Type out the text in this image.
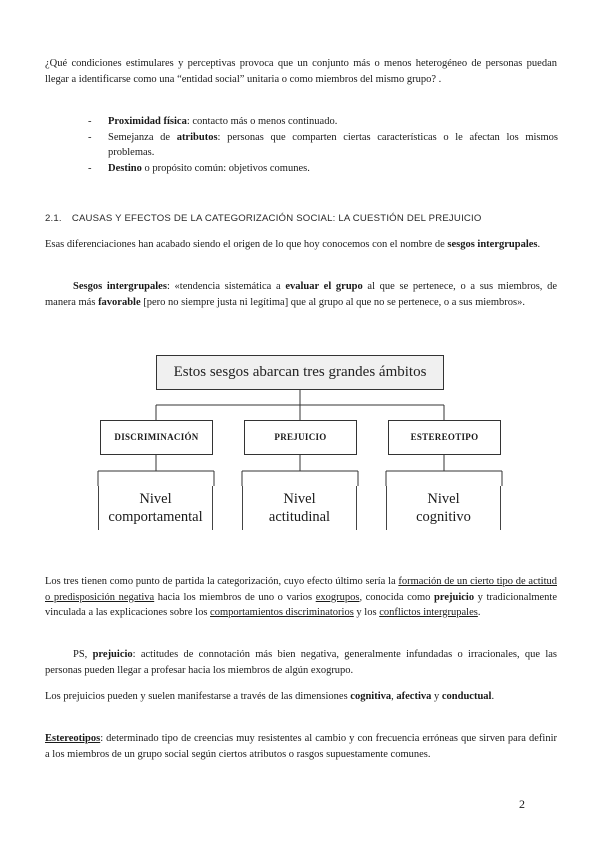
¿Qué condiciones estimulares y perceptivas provoca que un conjunto más o menos heterogéneo de personas puedan llegar a identificarse como una “entidad social” unitaria o como miembros del mismo grupo? .

- Proximidad física: contacto más o menos continuado.
- Semejanza de atributos: personas que comparten ciertas características o le afectan los mismos problemas.
- Destino o propósito común: objetivos comunes.
2.1. CAUSAS Y EFECTOS DE LA CATEGORIZACIÓN SOCIAL: LA CUESTIÓN DEL PREJUICIO

Esas diferenciaciones han acabado siendo el origen de lo que hoy conocemos con el nombre de sesgos intergrupales.

Sesgos intergrupales: «tendencia sistemática a evaluar el grupo al que se pertenece, o a sus miembros, de manera más favorable [pero no siempre justa ni legítima] que al grupo al que no se pertenece, o a sus miembros».

Estos sesgos abarcan tres grandes ámbitos
DISCRIMINACIÓN	PREJUICIO	ESTEREOTIPO
Nivel
comportamental
Nivel
actitudinal
Nivel
cognitivo

Los tres tienen como punto de partida la categorización, cuyo efecto último sería la formación de un cierto tipo de actitud o predisposición negativa hacia los miembros de uno o varios exogrupos, conocida como prejuicio y tradicionalmente vinculada a las explicaciones sobre los comportamientos discriminatorios y los conflictos intergrupales.

PS, prejuicio: actitudes de connotación más bien negativa, generalmente infundadas o irracionales, que las personas pueden llegar a profesar hacia los miembros de algún exogrupo.

Los prejuicios pueden y suelen manifestarse a través de las dimensiones cognitiva, afectiva y conductual.

Estereotipos: determinado tipo de creencias muy resistentes al cambio y con frecuencia erróneas que sirven para definir a los miembros de un grupo social según ciertos atributos o rasgos supuestamente comunes.

2
